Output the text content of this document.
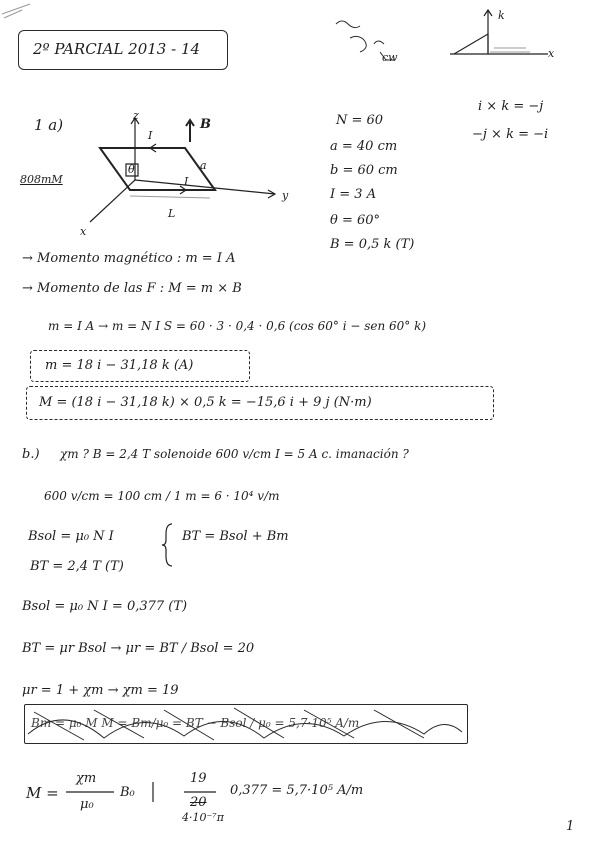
2º PARCIAL 2013 - 14	cw
k
x
1 a)
808mM
z
y
x
B
I
I
a
L
θ
N = 60
a = 40 cm
b = 60 cm
I = 3 A
θ = 60°
B = 0,5 k (T)
i × k = −j
−j × k = −i
→ Momento magnético : m = I A
→ Momento de las F : M = m × B
m = I A → m = N I S = 60 · 3 · 0,4 · 0,6 (cos 60° i − sen 60° k)
m = 18 i − 31,18 k (A)
M = (18 i − 31,18 k) × 0,5 k = −15,6 i + 9 j (N·m)
b.) χm ? B = 2,4 T solenoide 600 v/cm I = 5 A c. imanación ?
600 v/cm = 100 cm / 1 m = 6 · 10⁴ v/m
Bsol = μ₀ N I	BT = Bsol + Bm
BT = 2,4 T (T)
Bsol = μ₀ N I = 0,377 (T)
BT = μr Bsol → μr = BT / Bsol = 20
μr = 1 + χm → χm = 19
Bm = μ₀ M M = Bm/μ₀ = BT − Bsol / μ₀ = 5,7·10⁵ A/m
M =
χm
μ₀
B₀
19
20
4·10⁻⁷π
0,377 = 5,7·10⁵ A/m
1
